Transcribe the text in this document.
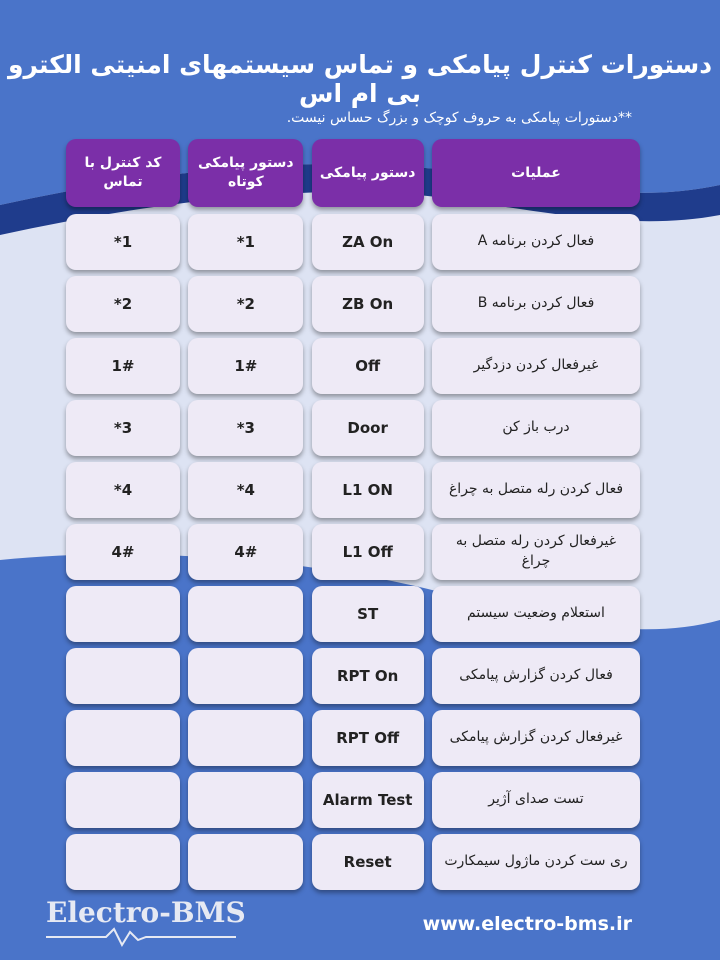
دستورات کنترل پیامکی و تماس سیستمهای امنیتی الکترو بی ام اس
**دستورات پیامکی به حروف کوچک و بزرگ حساس نیست.
عملیات
دستور پیامکی
دستور پیامکی کوتاه
کد کنترل با تماس
فعال کردن برنامه A
ZA On
1*
1*
فعال کردن برنامه B
ZB On
2*
2*
غیرفعال کردن دزدگیر
Off
1#
1#
درب باز کن
Door
3*
3*
فعال کردن رله متصل به چراغ
L1 ON
4*
4*
غیرفعال کردن رله متصل به چراغ
L1 Off
4#
4#
استعلام وضعیت سیستم
ST
فعال کردن گزارش پیامکی
RPT On
غیرفعال کردن گزارش پیامکی
RPT Off
تست صدای آژیر
Alarm Test
ری ست کردن ماژول سیمکارت
Reset
Electro-BMS	www.electro-bms.ir
